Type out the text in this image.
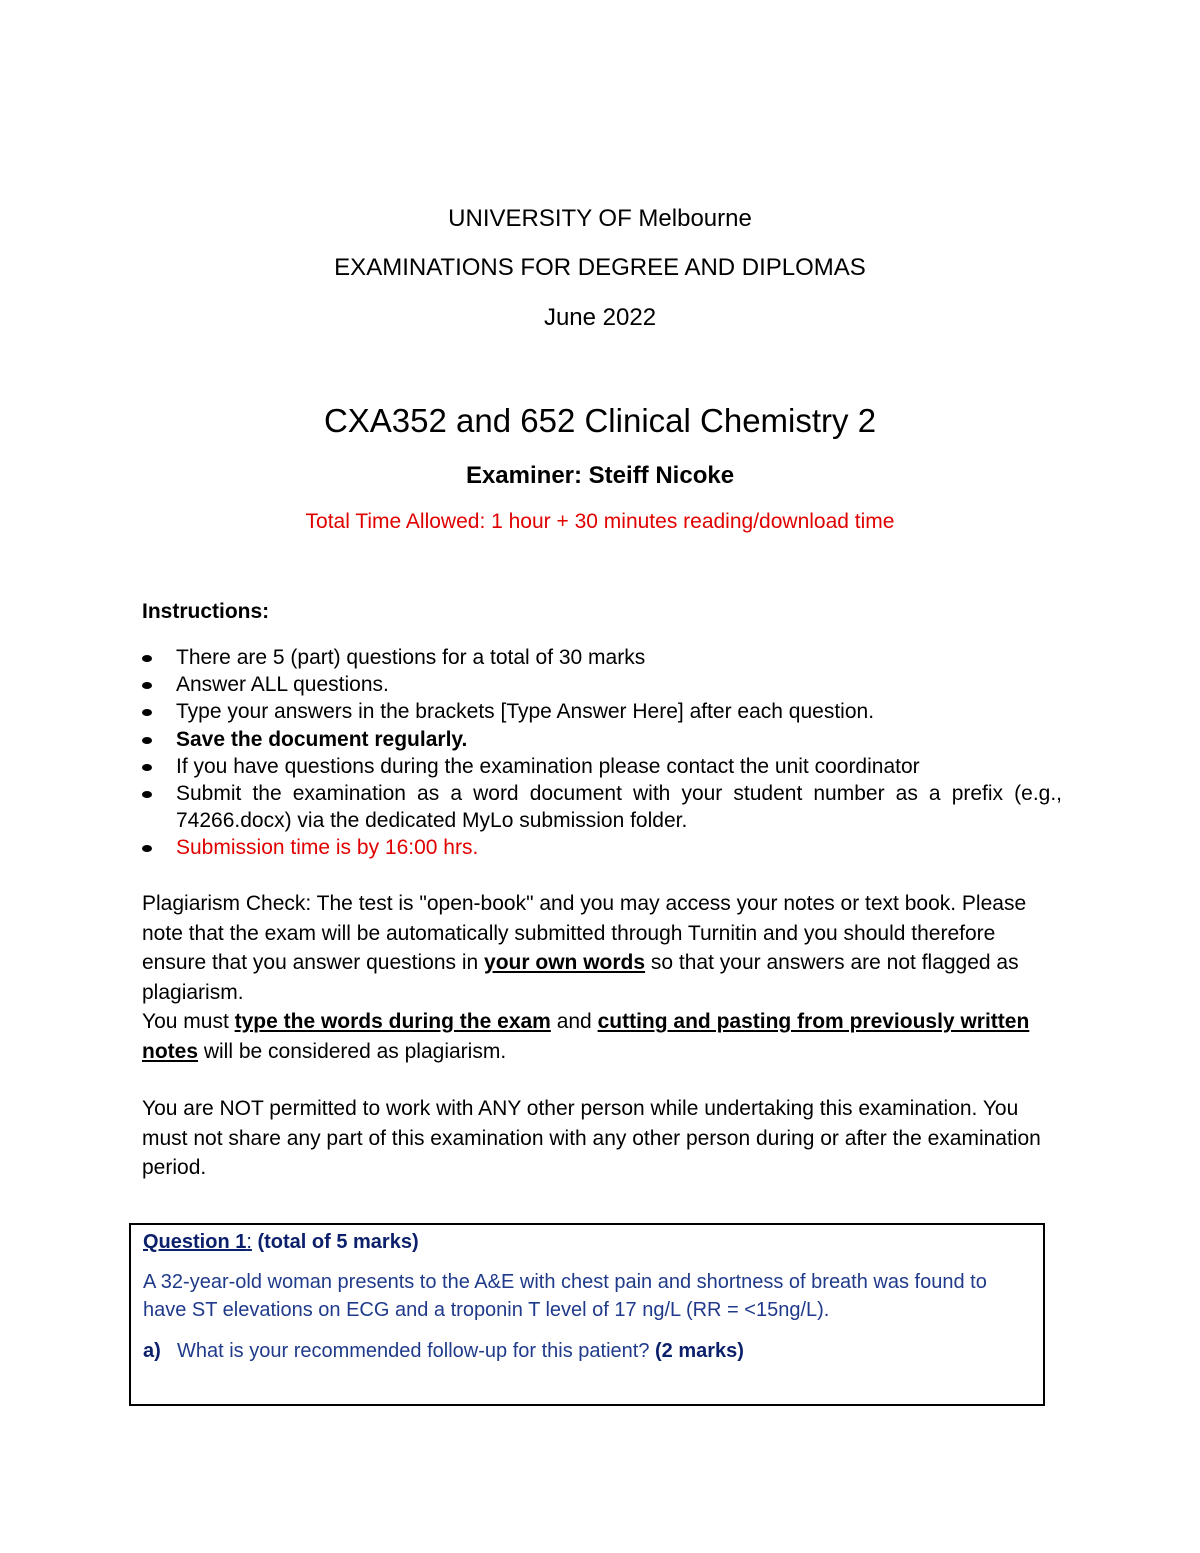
UNIVERSITY OF Melbourne
EXAMINATIONS FOR DEGREE AND DIPLOMAS
June 2022
CXA352 and 652 Clinical Chemistry 2
Examiner: Steiff Nicoke
Total Time Allowed: 1 hour + 30 minutes reading/download time
Instructions:
There are 5 (part) questions for a total of 30 marks
Answer ALL questions.
Type your answers in the brackets [Type Answer Here] after each question.
Save the document regularly.
If you have questions during the examination please contact the unit coordinator
Submit the examination as a word document with your student number as a prefix (e.g., 74266.docx) via the dedicated MyLo submission folder.
Submission time is by 16:00 hrs.

Plagiarism Check: The test is "open-book" and you may access your notes or text book. Please note that the exam will be automatically submitted through Turnitin and you should therefore ensure that you answer questions in your own words so that your answers are not flagged as plagiarism.
You must type the words during the exam and cutting and pasting from previously written notes will be considered as plagiarism.

You are NOT permitted to work with ANY other person while undertaking this examination. You must not share any part of this examination with any other person during or after the examination period.

Question 1: (total of 5 marks)
A 32-year-old woman presents to the A&E with chest pain and shortness of breath was found to have ST elevations on ECG and a troponin T level of 17 ng/L (RR = <15ng/L).
a) What is your recommended follow-up for this patient? (2 marks)
